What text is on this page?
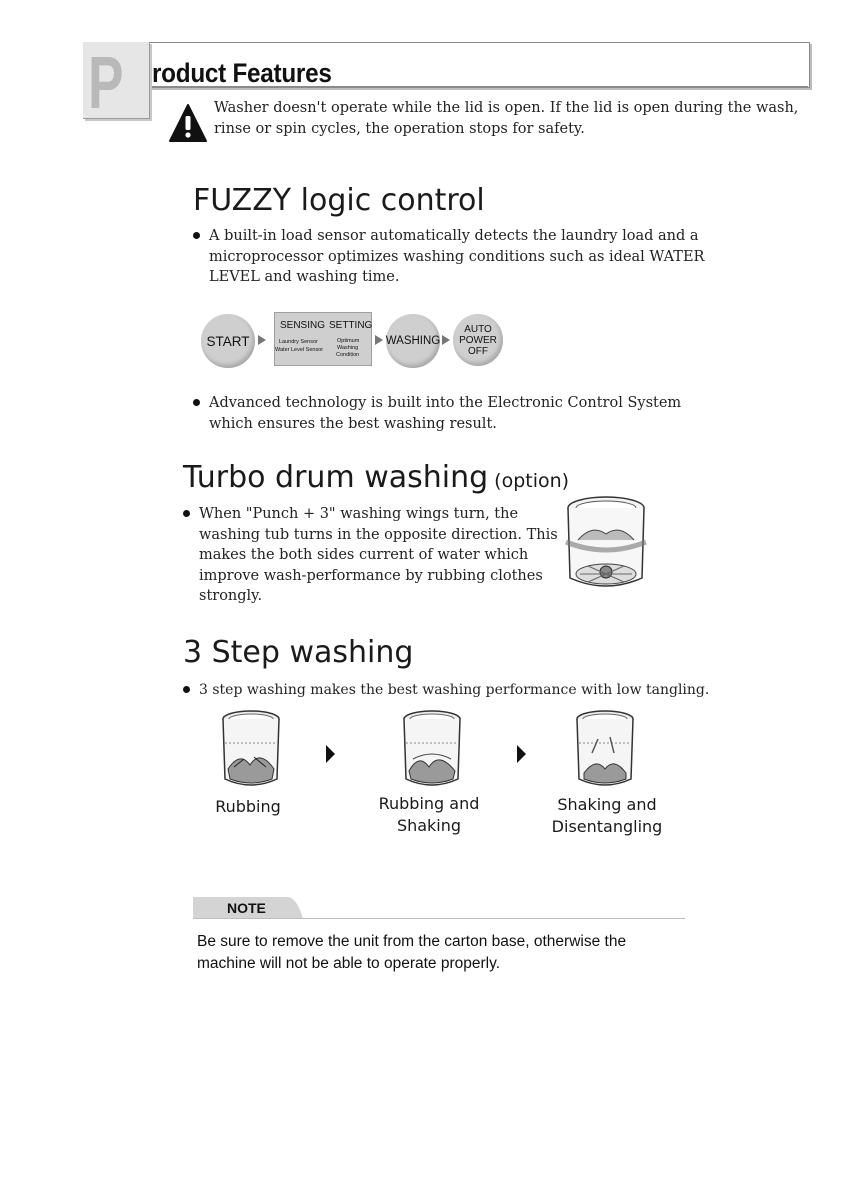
P roduct Features
Washer doesn't operate while the lid is open. If the lid is open during the wash, rinse or spin cycles, the operation stops for safety.
FUZZY logic control
A built-in load sensor automatically detects the laundry load and a microprocessor optimizes washing conditions such as ideal WATER LEVEL and washing time.
START
SENSING SETTING
Laundry Sensor
Water Level Sensor
Optimum
Washing
Condition
WASHING
AUTO
POWER
OFF
Advanced technology is built into the Electronic Control System which ensures the best washing result.
Turbo drum washing (option)
When "Punch + 3" washing wings turn, the washing tub turns in the opposite direction. This makes the both sides current of water which improve wash-performance by rubbing clothes strongly.
3 Step washing
3 step washing makes the best washing performance with low tangling.
Rubbing	Rubbing and
Shaking
Shaking and
Disentangling
NOTE
Be sure to remove the unit from the carton base, otherwise the machine will not be able to operate properly.
